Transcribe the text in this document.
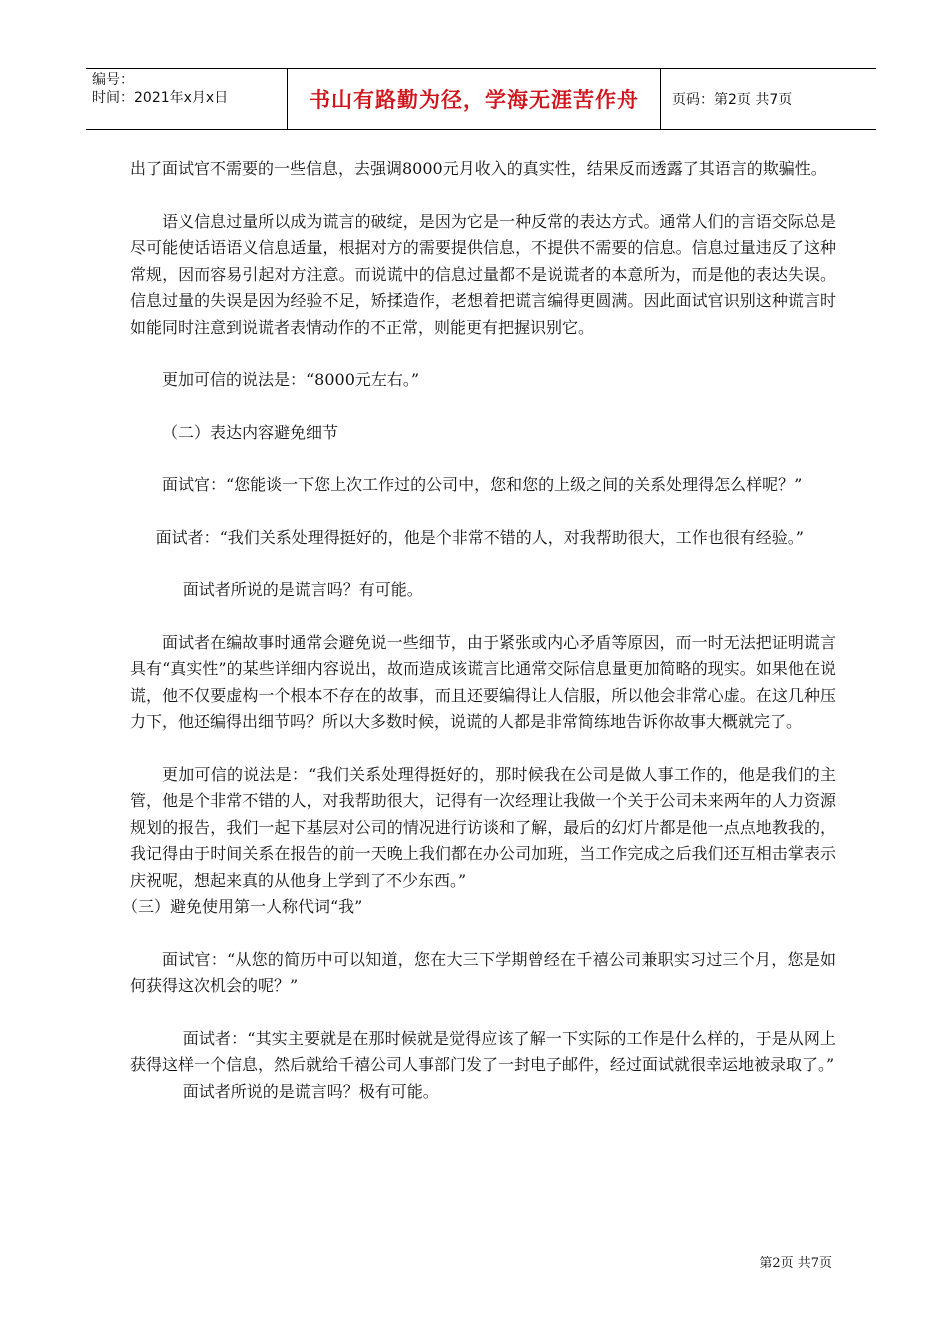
编号：
时间：2021年x月x日	书山有路勤为径，学海无涯苦作舟	页码：第2页 共7页

出了面试官不需要的一些信息，去强调8000元月收入的真实性，结果反而透露了其语言的欺骗性。

语义信息过量所以成为谎言的破绽，是因为它是一种反常的表达方式。通常人们的言语交际总是尽可能使话语语义信息适量，根据对方的需要提供信息，不提供不需要的信息。信息过量违反了这种常规，因而容易引起对方注意。而说谎中的信息过量都不是说谎者的本意所为，而是他的表达失误。信息过量的失误是因为经验不足，矫揉造作，老想着把谎言编得更圆满。因此面试官识别这种谎言时如能同时注意到说谎者表情动作的不正常，则能更有把握识别它。

更加可信的说法是：“8000元左右。”

（二）表达内容避免细节

面试官：“您能谈一下您上次工作过的公司中，您和您的上级之间的关系处理得怎么样呢？”

面试者：“我们关系处理得挺好的，他是个非常不错的人，对我帮助很大，工作也很有经验。”

面试者所说的是谎言吗？有可能。

面试者在编故事时通常会避免说一些细节，由于紧张或内心矛盾等原因，而一时无法把证明谎言具有“真实性”的某些详细内容说出，故而造成该谎言比通常交际信息量更加简略的现实。如果他在说谎，他不仅要虚构一个根本不存在的故事，而且还要编得让人信服，所以他会非常心虚。在这几种压力下，他还编得出细节吗？所以大多数时候，说谎的人都是非常简练地告诉你故事大概就完了。

更加可信的说法是：“我们关系处理得挺好的，那时候我在公司是做人事工作的，他是我们的主管，他是个非常不错的人，对我帮助很大，记得有一次经理让我做一个关于公司未来两年的人力资源规划的报告，我们一起下基层对公司的情况进行访谈和了解，最后的幻灯片都是他一点点地教我的，我记得由于时间关系在报告的前一天晚上我们都在办公司加班，当工作完成之后我们还互相击掌表示庆祝呢，想起来真的从他身上学到了不少东西。”

（三）避免使用第一人称代词“我”

面试官：“从您的简历中可以知道，您在大三下学期曾经在千禧公司兼职实习过三个月，您是如何获得这次机会的呢？”

面试者：“其实主要就是在那时候就是觉得应该了解一下实际的工作是什么样的，于是从网上获得这样一个信息，然后就给千禧公司人事部门发了一封电子邮件，经过面试就很幸运地被录取了。”

面试者所说的是谎言吗？极有可能。

第2页 共7页
